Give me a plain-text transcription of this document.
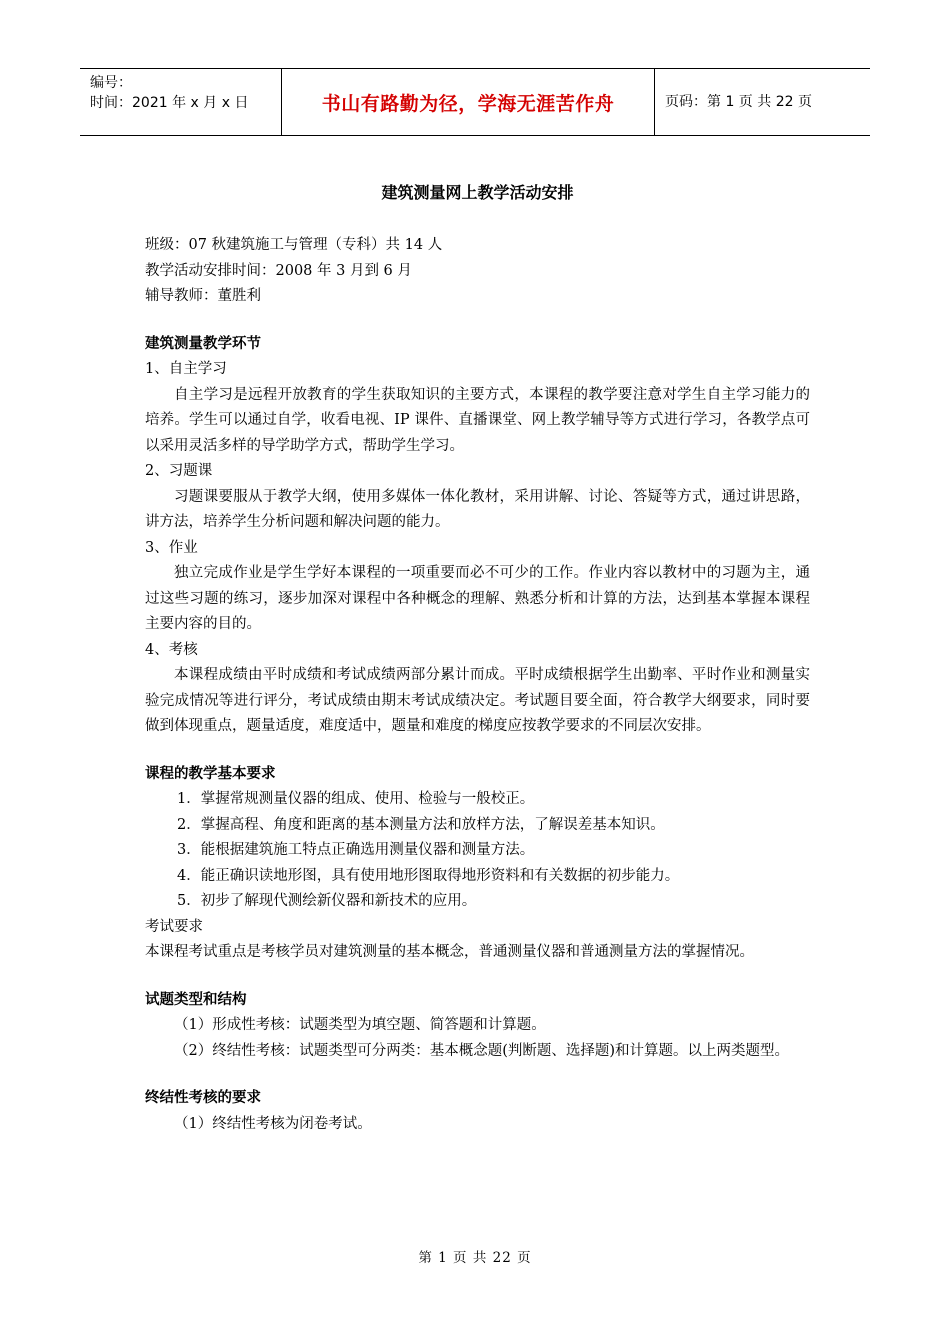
编号：
时间：2021 年 x 月 x 日	书山有路勤为径，学海无涯苦作舟	页码：第 1 页 共 22 页

建筑测量网上教学活动安排

班级：07 秋建筑施工与管理（专科）共 14 人

教学活动安排时间：2008 年 3 月到 6 月

辅导教师：董胜利

建筑测量教学环节

1、自主学习

自主学习是远程开放教育的学生获取知识的主要方式，本课程的教学要注意对学生自主学习能力的培养。学生可以通过自学，收看电视、IP 课件、直播课堂、网上教学辅导等方式进行学习，各教学点可以采用灵活多样的导学助学方式，帮助学生学习。

2、习题课

习题课要服从于教学大纲，使用多媒体一体化教材，采用讲解、讨论、答疑等方式，通过讲思路，讲方法，培养学生分析问题和解决问题的能力。

3、作业

独立完成作业是学生学好本课程的一项重要而必不可少的工作。作业内容以教材中的习题为主，通过这些习题的练习，逐步加深对课程中各种概念的理解、熟悉分析和计算的方法，达到基本掌握本课程主要内容的目的。

4、考核

本课程成绩由平时成绩和考试成绩两部分累计而成。平时成绩根据学生出勤率、平时作业和测量实验完成情况等进行评分，考试成绩由期末考试成绩决定。考试题目要全面，符合教学大纲要求，同时要做到体现重点，题量适度，难度适中，题量和难度的梯度应按教学要求的不同层次安排。

课程的教学基本要求

1．掌握常规测量仪器的组成、使用、检验与一般校正。

2．掌握高程、角度和距离的基本测量方法和放样方法，了解误差基本知识。

3．能根据建筑施工特点正确选用测量仪器和测量方法。

4．能正确识读地形图，具有使用地形图取得地形资料和有关数据的初步能力。

5．初步了解现代测绘新仪器和新技术的应用。

考试要求

本课程考试重点是考核学员对建筑测量的基本概念，普通测量仪器和普通测量方法的掌握情况。

试题类型和结构

（1）形成性考核：试题类型为填空题、简答题和计算题。

（2）终结性考核：试题类型可分两类：基本概念题(判断题、选择题)和计算题。以上两类题型。

终结性考核的要求

（1）终结性考核为闭卷考试。

第 1 页 共 22 页
